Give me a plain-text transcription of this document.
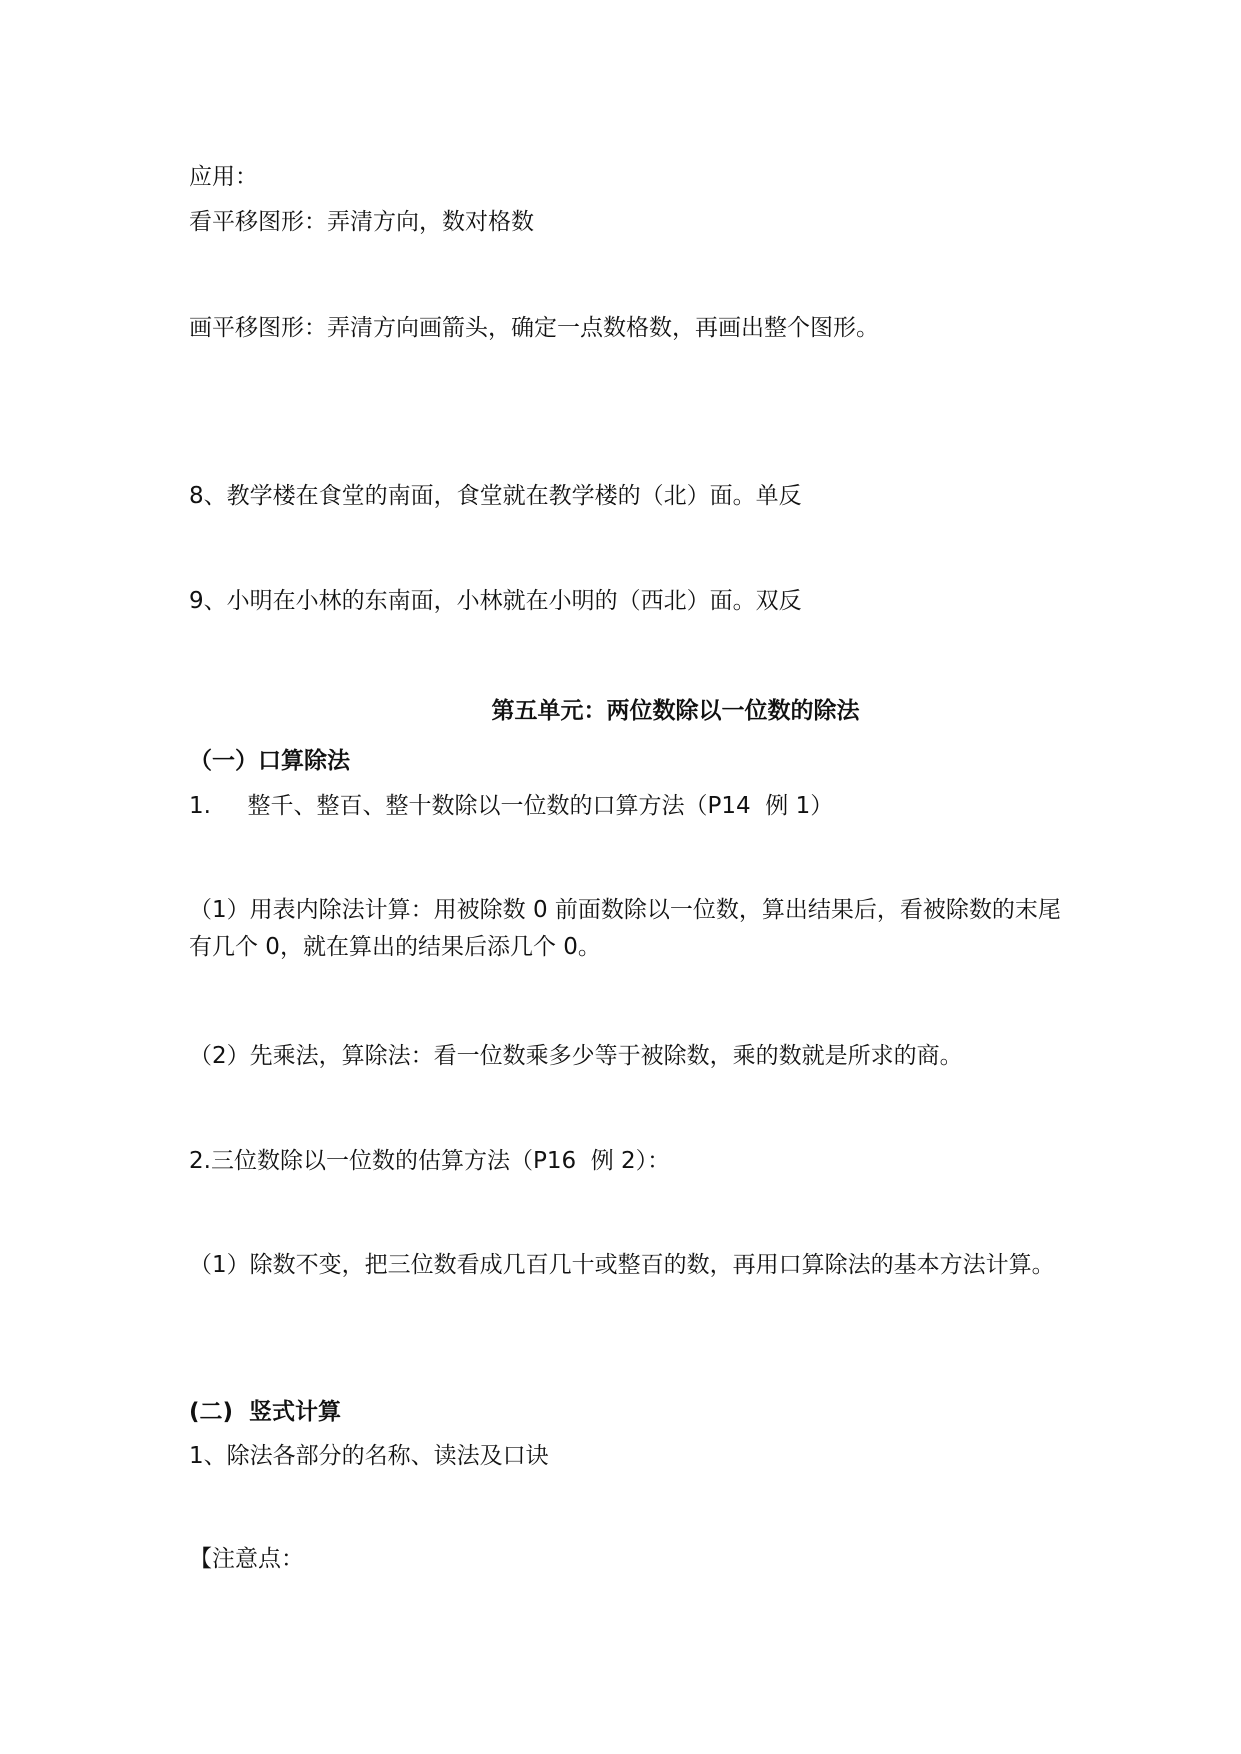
应用：
看平移图形：弄清方向，数对格数
画平移图形：弄清方向画箭头，确定一点数格数，再画出整个图形。
8、教学楼在食堂的南面，食堂就在教学楼的（北）面。单反
9、小明在小林的东南面，小林就在小明的（西北）面。双反
第五单元：两位数除以一位数的除法
（一）口算除法
1.     整千、整百、整十数除以一位数的口算方法（P14  例 1）
（1）用表内除法计算：用被除数 0 前面数除以一位数，算出结果后，看被除数的末尾有几个 0，就在算出的结果后添几个 0。
（2）先乘法，算除法：看一位数乘多少等于被除数，乘的数就是所求的商。
2.三位数除以一位数的估算方法（P16  例 2）：
（1）除数不变，把三位数看成几百几十或整百的数，再用口算除法的基本方法计算。
(二)  竖式计算
1、除法各部分的名称、读法及口诀
【注意点：
